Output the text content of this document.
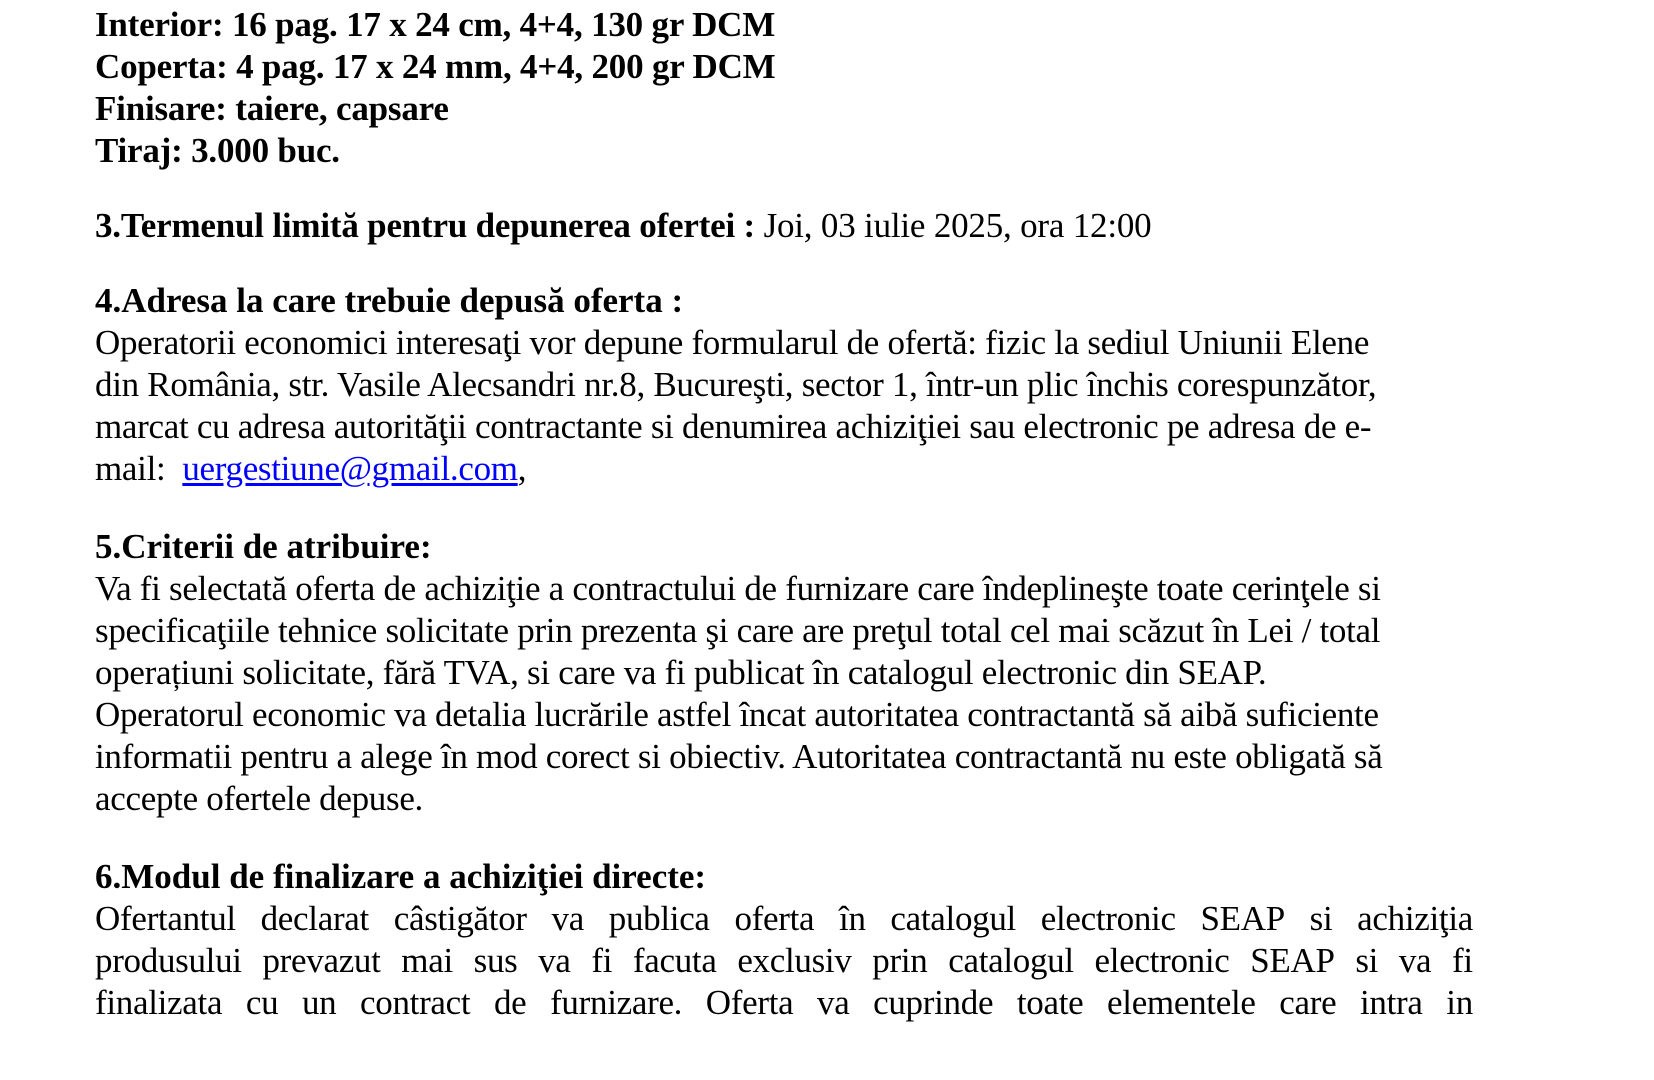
Interior: 16 pag. 17 x 24 cm, 4+4, 130 gr DCM
Coperta: 4 pag. 17 x 24 mm, 4+4, 200 gr DCM
Finisare: taiere, capsare
Tiraj: 3.000 buc.
3.Termenul limită pentru depunerea ofertei : Joi, 03 iulie 2025, ora 12:00
4.Adresa la care trebuie depusă oferta :
Operatorii economici interesaţi vor depune formularul de ofertă: fizic la sediul Uniunii Elene
din România, str. Vasile Alecsandri nr.8, Bucureşti, sector 1, într-un plic închis corespunzător,
marcat cu adresa autorităţii contractante si denumirea achiziţiei sau electronic pe adresa de e-
mail:  uergestiune@gmail.com,
5.Criterii de atribuire:
Va fi selectată oferta de achiziţie a contractului de furnizare care îndeplineşte toate cerinţele si
specificaţiile tehnice solicitate prin prezenta şi care are preţul total cel mai scăzut în Lei / total
operațiuni solicitate, fără TVA, si care va fi publicat în catalogul electronic din SEAP.
Operatorul economic va detalia lucrările astfel încat autoritatea contractantă să aibă suficiente
informatii pentru a alege în mod corect si obiectiv. Autoritatea contractantă nu este obligată să
accepte ofertele depuse.
6.Modul de finalizare a achiziţiei directe:
Ofertantul declarat câstigător va publica oferta în catalogul electronic SEAP si achiziţia
produsului prevazut mai sus va fi facuta exclusiv prin catalogul electronic SEAP si va fi
finalizata cu un contract de furnizare. Oferta va cuprinde toate elementele care intra in
